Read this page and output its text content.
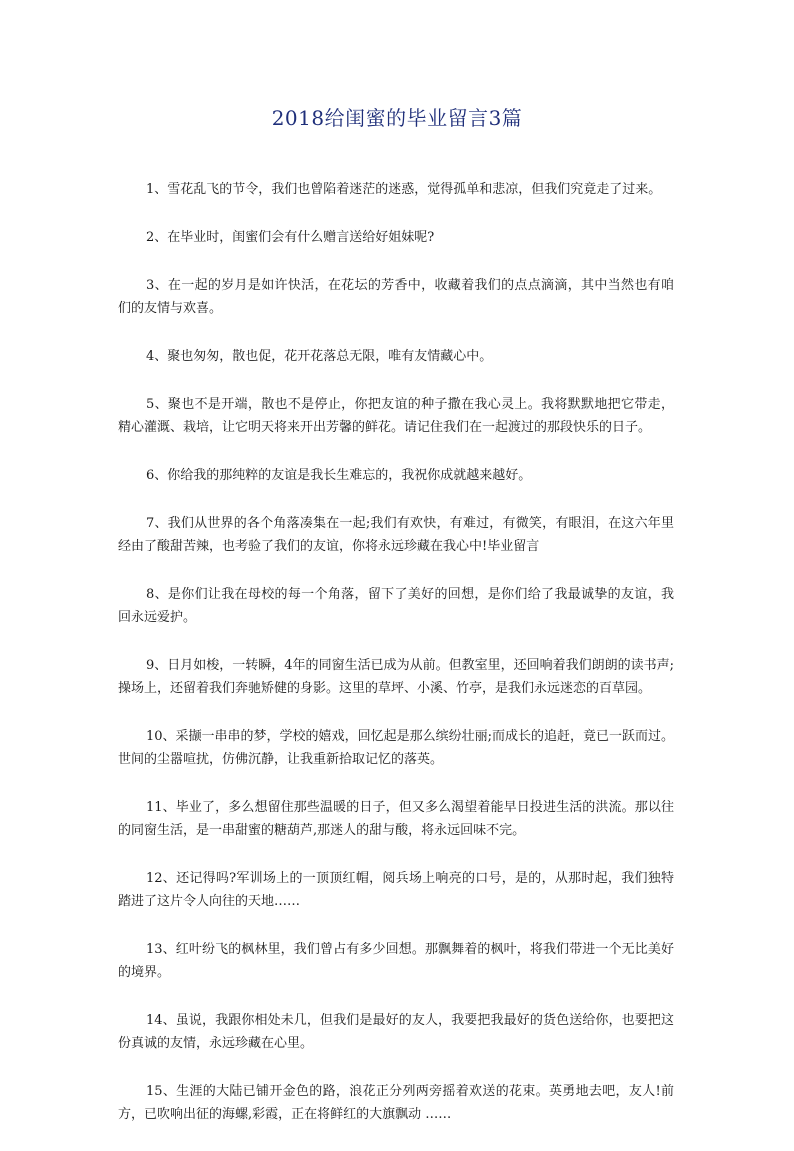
2018给闺蜜的毕业留言3篇

1、雪花乱飞的节令，我们也曾陷着迷茫的迷惑，觉得孤单和悲凉，但我们究竟走了过来。

2、在毕业时，闺蜜们会有什么赠言送给好姐妹呢?

3、在一起的岁月是如许快活，在花坛的芳香中，收藏着我们的点点滴滴，其中当然也有咱们的友情与欢喜。

4、聚也匆匆，散也促，花开花落总无限，唯有友情藏心中。

5、聚也不是开端，散也不是停止，你把友谊的种子撒在我心灵上。我将默默地把它带走，精心灌溉、栽培，让它明天将来开出芳馨的鲜花。请记住我们在一起渡过的那段快乐的日子。

6、你给我的那纯粹的友谊是我长生难忘的，我祝你成就越来越好。

7、我们从世界的各个角落凑集在一起;我们有欢快，有难过，有微笑，有眼泪，在这六年里经由了酸甜苦辣，也考验了我们的友谊，你将永远珍藏在我心中!毕业留言

8、是你们让我在母校的每一个角落，留下了美好的回想，是你们给了我最诚挚的友谊，我回永远爱护。

9、日月如梭，一转瞬，4年的同窗生活已成为从前。但教室里，还回响着我们朗朗的读书声;操场上，还留着我们奔驰矫健的身影。这里的草坪、小溪、竹亭，是我们永远迷恋的百草园。

10、采撷一串串的梦，学校的嬉戏，回忆起是那么缤纷壮丽;而成长的追赶，竟已一跃而过。世间的尘嚣喧扰，仿佛沉静，让我重新拾取记忆的落英。

11、毕业了，多么想留住那些温暖的日子，但又多么渴望着能早日投进生活的洪流。那以往的同窗生活，是一串甜蜜的糖葫芦,那迷人的甜与酸，将永远回味不完。

12、还记得吗?军训场上的一顶顶红帽，阅兵场上响亮的口号，是的，从那时起，我们独特踏进了这片令人向往的天地……

13、红叶纷飞的枫林里，我们曾占有多少回想。那飘舞着的枫叶，将我们带进一个无比美好的境界。

14、虽说，我跟你相处未几，但我们是最好的友人，我要把我最好的货色送给你，也要把这份真诚的友情，永远珍藏在心里。

15、生涯的大陆已铺开金色的路，浪花正分列两旁摇着欢送的花束。英勇地去吧，友人!前方，已吹响出征的海螺,彩霞，正在将鲜红的大旗飘动 ……
